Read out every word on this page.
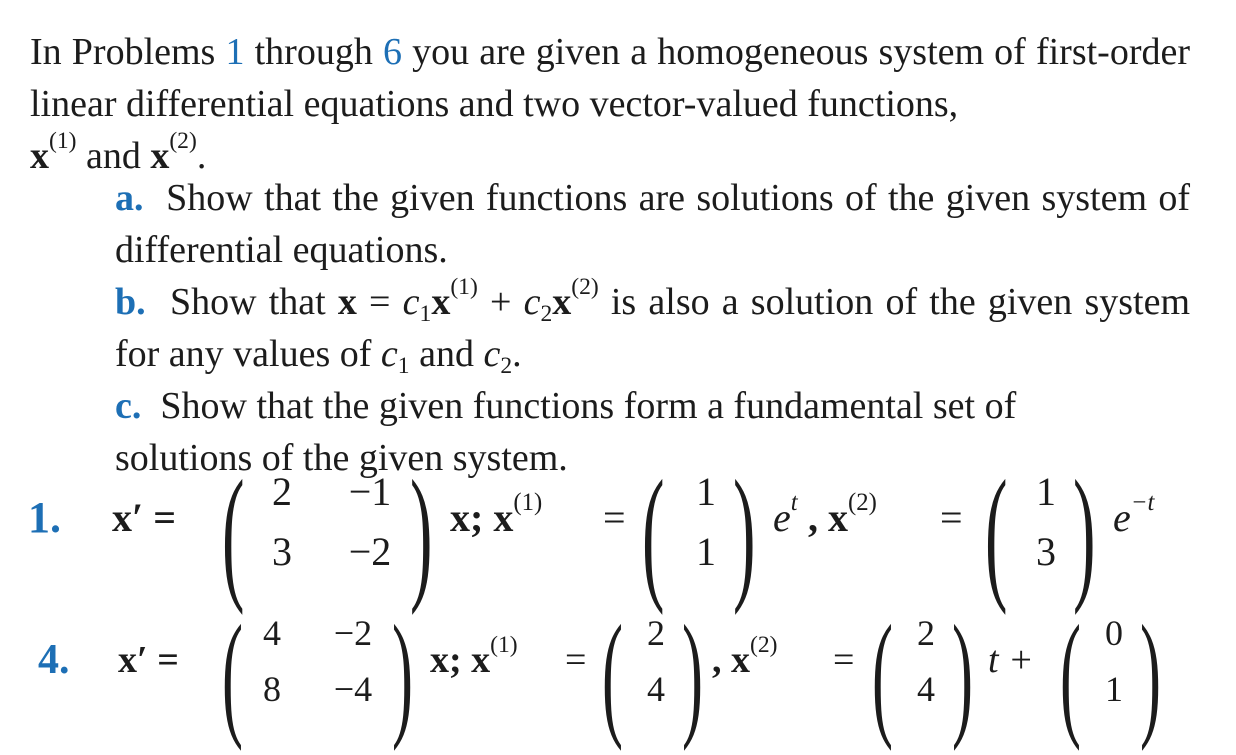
In Problems 1 through 6 you are given a homogeneous system of first-order linear differential equations and two vector-valued functions,
$x^{(1)}$ and $x^{(2)}$.
a. Show that the given functions are solutions of the given system of differential equations.
b. Show that $x = c_1x^{(1)} + c_2x^{(2)}$ is also a solution of the given system for any values of $c_1$ and $c_2$.
c. Show that the given functions form a fundamental set of
solutions of the given system.
1. x′ = ( 2	−1
3	−2 ) x; $x^{(1)}$ = ( 1
1 ) $e^t$ , $x^{(2)}$ = ( 1
3 ) $e^{-t}$
4. x′ = ( 4	−2
8	−4 ) x; $x^{(1)}$ = ( 2
4 ) , $x^{(2)}$ = ( 2
4 ) t + ( 0
1 )
